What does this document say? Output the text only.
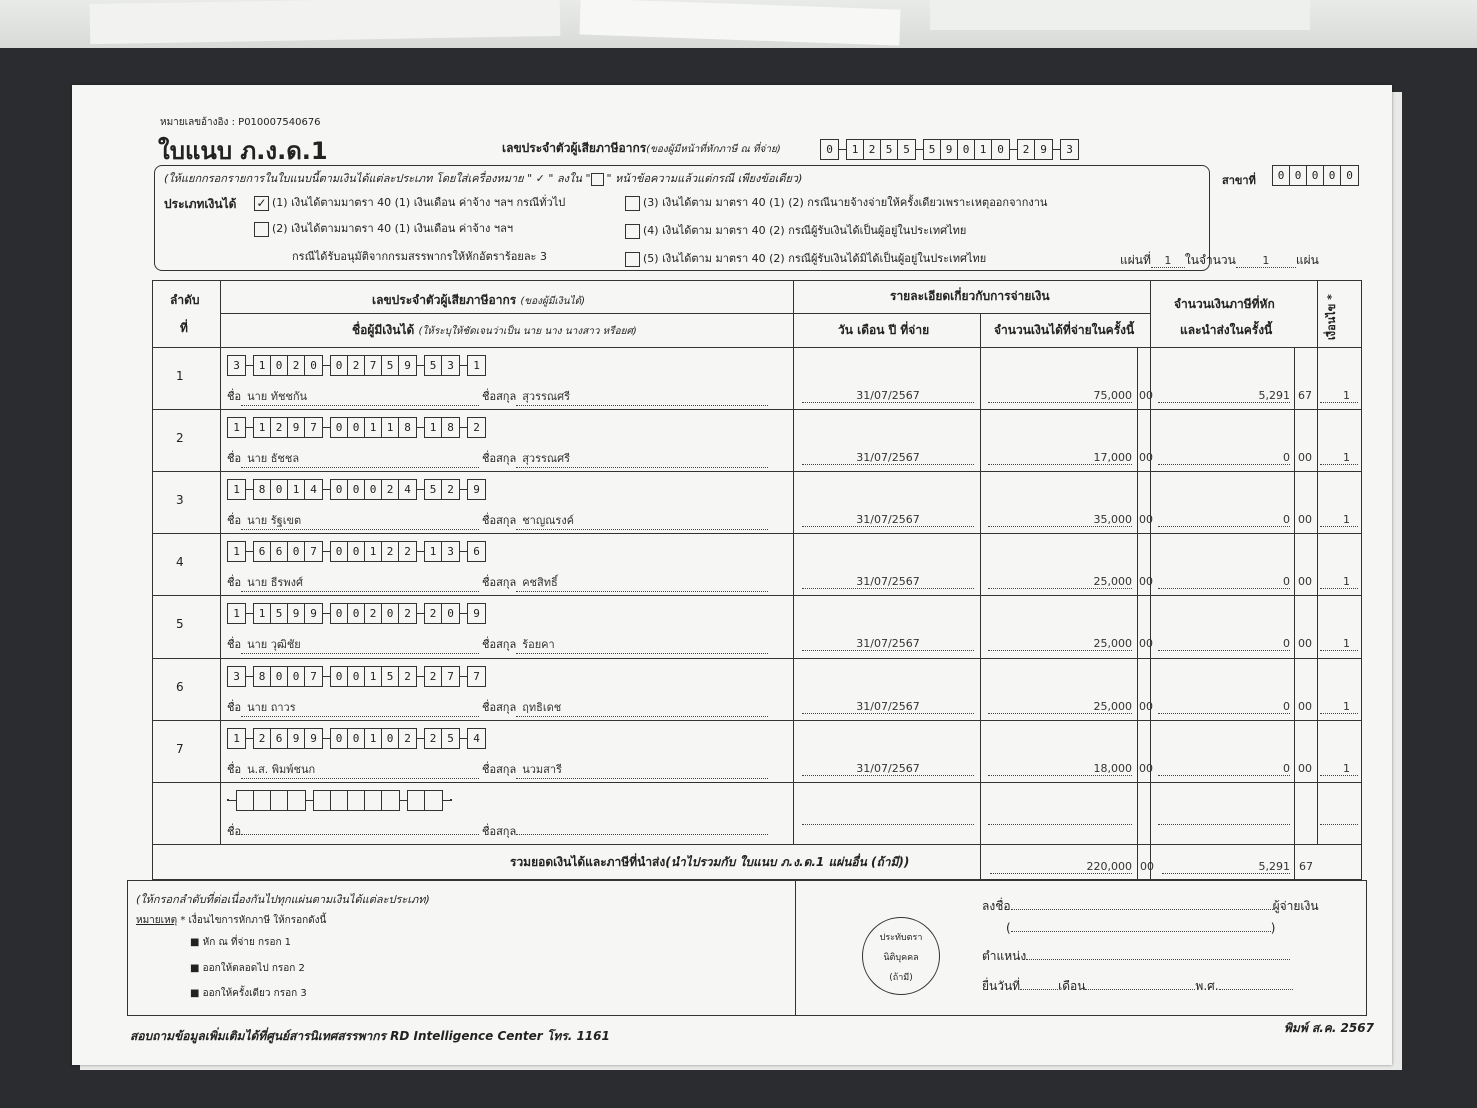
หมายเลขอ้างอิง : P010007540676
ใบแนบ ภ.ง.ด.1	เลขประจำตัวผู้เสียภาษีอากร(ของผู้มีหน้าที่หักภาษี ณ ที่จ่าย)	0	1 2 5 5	5 9 0 1 0	2 9	3
สาขาที่	0 0 0 0 0
(ให้แยกกรอกรายการในใบแนบนี้ตามเงินได้แต่ละประเภท โดยใส่เครื่องหมาย " ✓ " ลงใน " " หน้าข้อความแล้วแต่กรณี เพียงข้อเดียว)
ประเภทเงินได้ ✓ (1) เงินได้ตามมาตรา 40 (1) เงินเดือน ค่าจ้าง ฯลฯ กรณีทั่วไป
(2) เงินได้ตามมาตรา 40 (1) เงินเดือน ค่าจ้าง ฯลฯ
กรณีได้รับอนุมัติจากกรมสรรพากรให้หักอัตราร้อยละ 3
(3) เงินได้ตาม มาตรา 40 (1) (2) กรณีนายจ้างจ่ายให้ครั้งเดียวเพราะเหตุออกจากงาน
(4) เงินได้ตาม มาตรา 40 (2) กรณีผู้รับเงินได้เป็นผู้อยู่ในประเทศไทย
(5) เงินได้ตาม มาตรา 40 (2) กรณีผู้รับเงินได้มิได้เป็นผู้อยู่ในประเทศไทย	แผ่นที่ 1 ในจำนวน 1 แผ่น
ลำดับ
ที่
เลขประจำตัวผู้เสียภาษีอากร (ของผู้มีเงินได้)
ชื่อผู้มีเงินได้ (ให้ระบุให้ชัดเจนว่าเป็น นาย นาง นางสาว หรือยศ)
รายละเอียดเกี่ยวกับการจ่ายเงิน
วัน เดือน ปี ที่จ่าย	จำนวนเงินได้ที่จ่ายในครั้งนี้
จำนวนเงินภาษีที่หัก
และนำส่งในครั้งนี้	เงื่อนไข *
1
3	1 0 2 0	0 2 7 5 9	5 3	1
ชื่อ นาย ทัชชกัน	ชื่อสกุล สุวรรณศรี	31/07/2567	75,000 00	5,291 67	1
2
1	1 2 9 7	0 0 1 1 8	1 8	2
ชื่อ นาย ธัชชล	ชื่อสกุล สุวรรณศรี	31/07/2567	17,000 00	0 00	1
3
1	8 0 1 4	0 0 0 2 4	5 2	9
ชื่อ นาย รัฐเขต	ชื่อสกุล ชาญณรงค์	31/07/2567	35,000 00	0 00	1
4
1	6 6 0 7	0 0 1 2 2	1 3	6
ชื่อ นาย ธีรพงศ์	ชื่อสกุล คชสิทธิ์	31/07/2567	25,000 00	0 00	1
5
1	1 5 9 9	0 0 2 0 2	2 0	9
ชื่อ นาย วุฒิชัย	ชื่อสกุล ร้อยคา	31/07/2567	25,000 00	0 00	1
6
3	8 0 0 7	0 0 1 5 2	2 7	7
ชื่อ นาย ถาวร	ชื่อสกุล ฤทธิเดช	31/07/2567	25,000 00	0 00	1
7
1	2 6 9 9	0 0 1 0 2	2 5	4
ชื่อ น.ส. พิมพ์ชนก	ชื่อสกุล นวมสารี	31/07/2567	18,000 00	0 00	1
ชื่อ	ชื่อสกุล
รวมยอดเงินได้และภาษีที่นำส่ง(นำไปรวมกับ ใบแนบ ภ.ง.ด.1 แผ่นอื่น (ถ้ามี))	220,000 00	5,291 67
(ให้กรอกลำดับที่ต่อเนื่องกันไปทุกแผ่นตามเงินได้แต่ละประเภท)
หมายเหตุ * เงื่อนไขการหักภาษี ให้กรอกดังนี้
■ หัก ณ ที่จ่าย กรอก 1
■ ออกให้ตลอดไป กรอก 2
■ ออกให้ครั้งเดียว กรอก 3
ประทับตรา
นิติบุคคล
(ถ้ามี)
ลงชื่อ	ผู้จ่ายเงิน
(	)
ตำแหน่ง
ยื่นวันที่	เดือน	พ.ศ.
สอบถามข้อมูลเพิ่มเติมได้ที่ศูนย์สารนิเทศสรรพากร RD Intelligence Center โทร. 1161
พิมพ์ ส.ค. 2567
